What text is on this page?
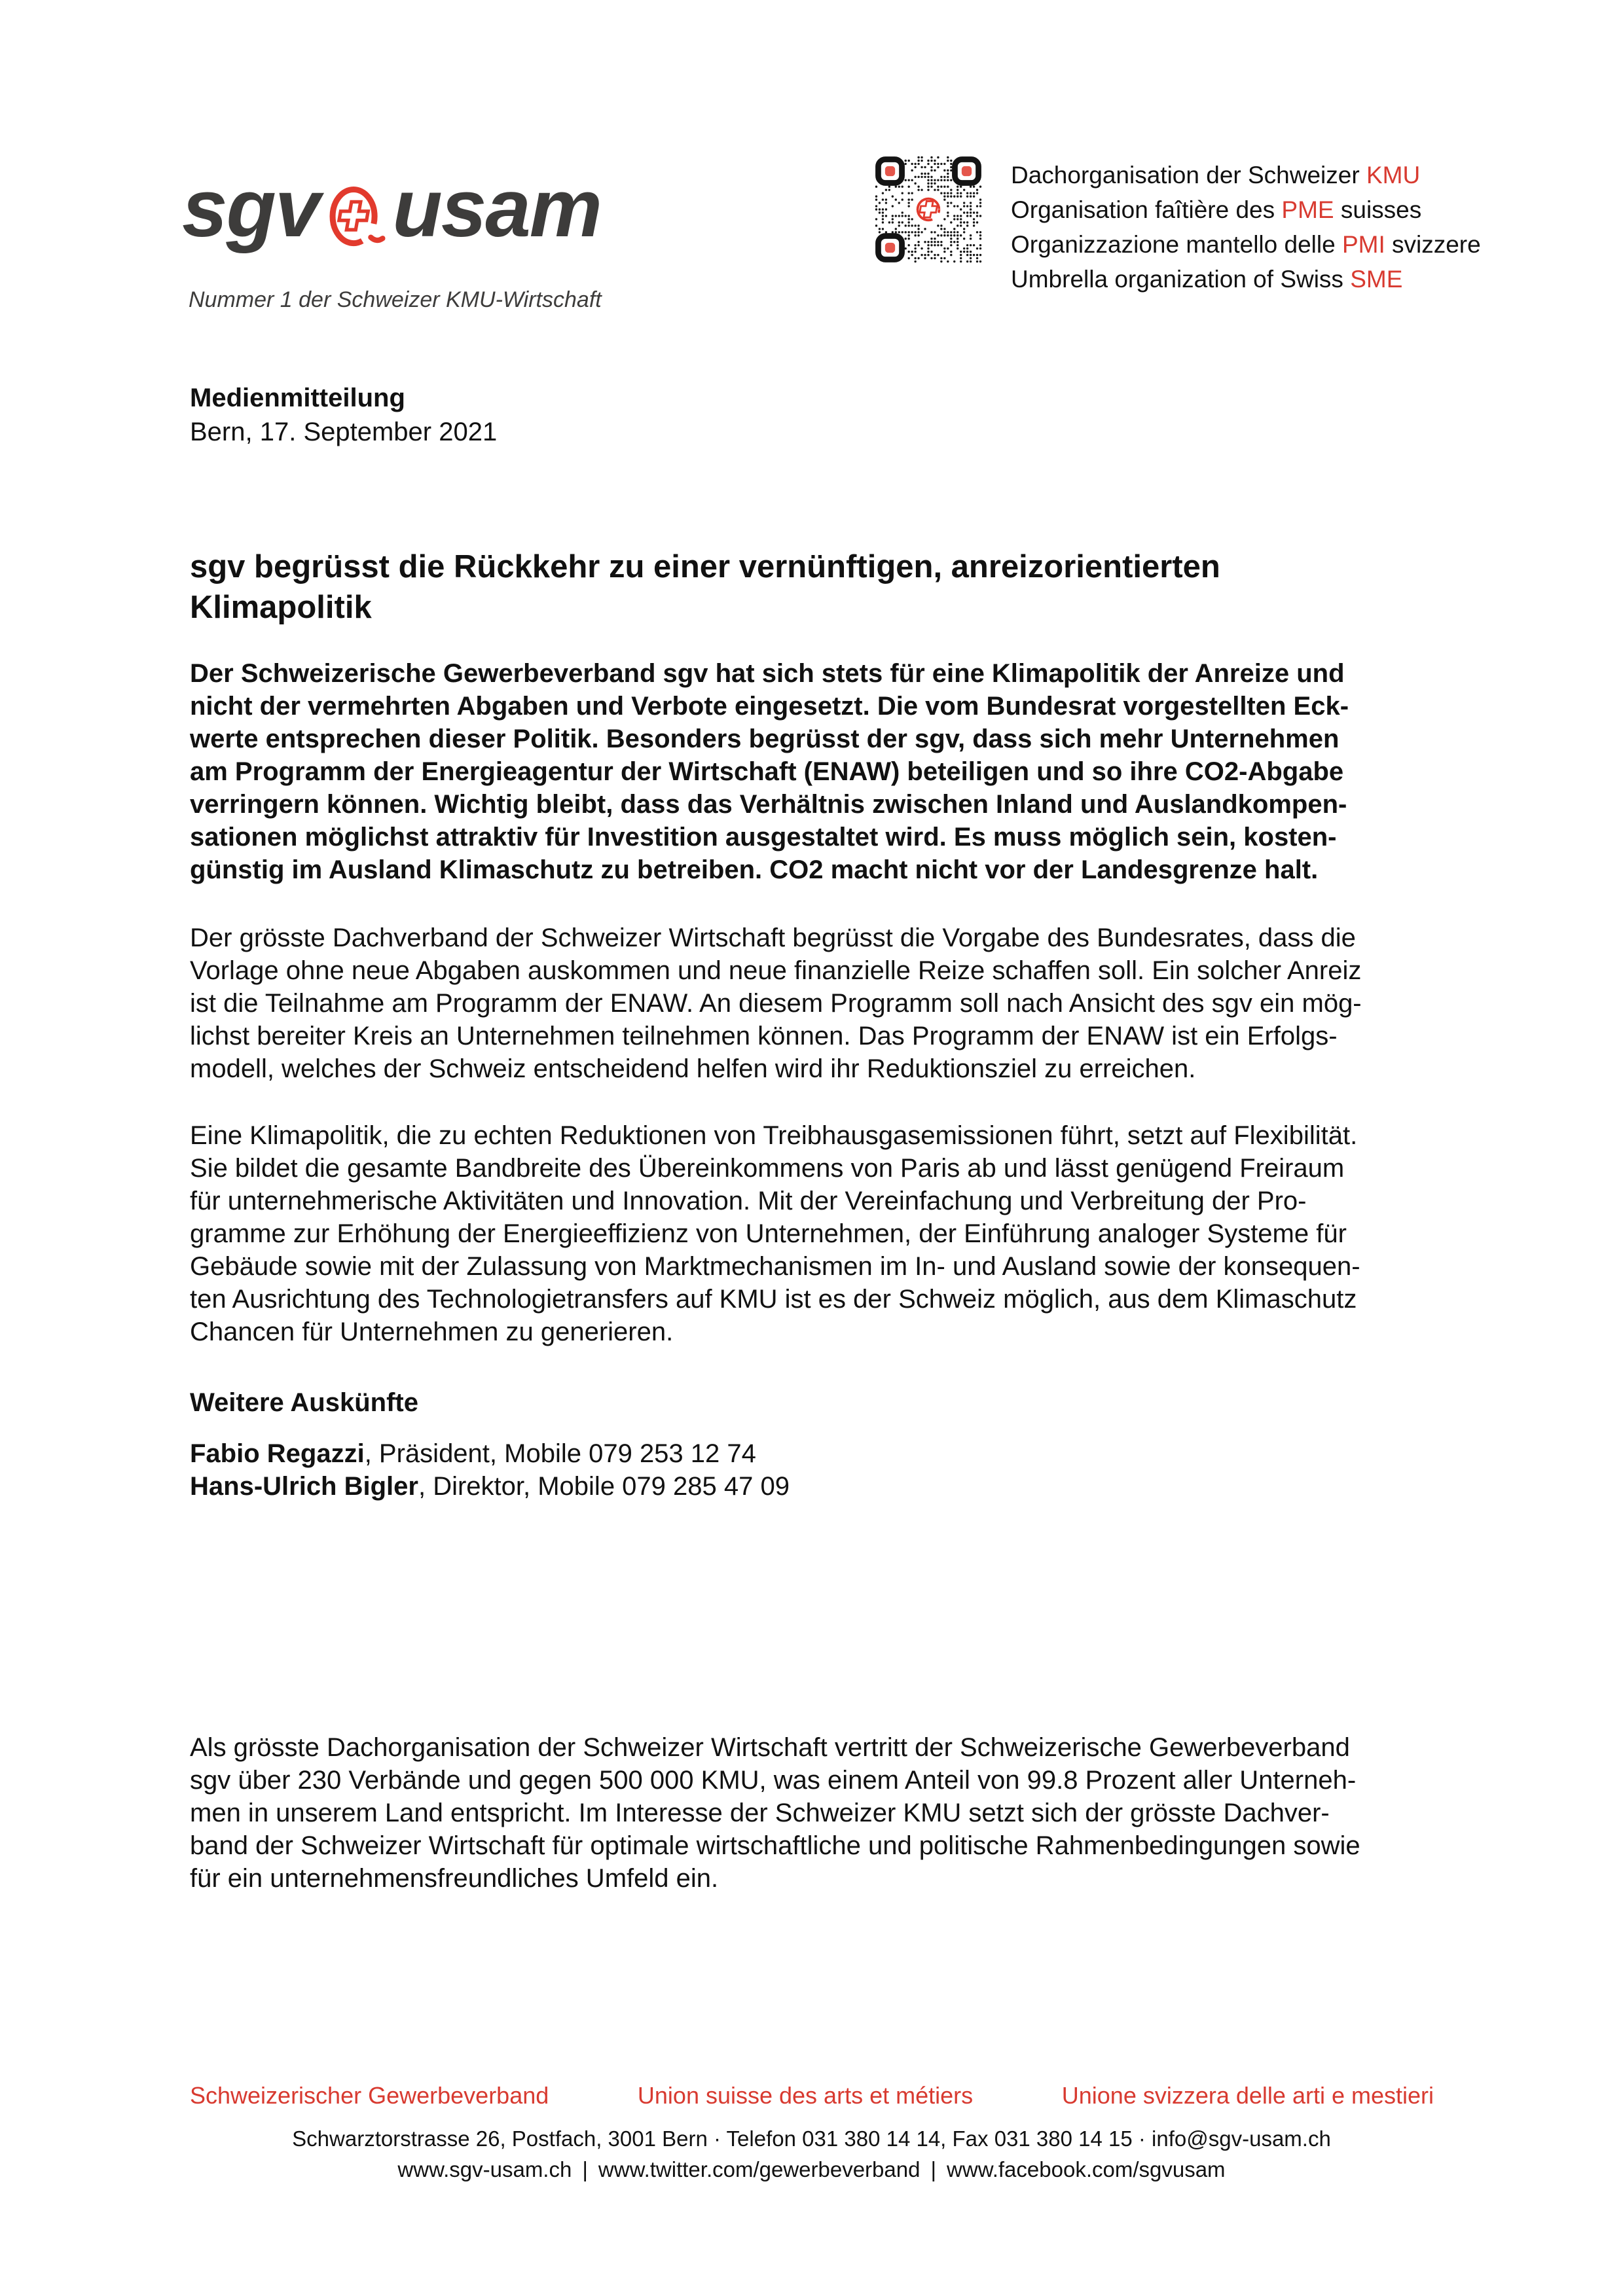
sgv usam
Nummer 1 der Schweizer KMU-Wirtschaft
Dachorganisation der Schweizer KMU
Organisation faîtière des PME suisses
Organizzazione mantello delle PMI svizzere
Umbrella organization of Swiss SME
Medienmitteilung
Bern, 17. September 2021
sgv begrüsst die Rückkehr zu einer vernünftigen, anreizorientierten
Klimapolitik
Der Schweizerische Gewerbeverband sgv hat sich stets für eine Klimapolitik der Anreize und
nicht der vermehrten Abgaben und Verbote eingesetzt. Die vom Bundesrat vorgestellten Eck-
werte entsprechen dieser Politik. Besonders begrüsst der sgv, dass sich mehr Unternehmen
am Programm der Energieagentur der Wirtschaft (ENAW) beteiligen und so ihre CO2-Abgabe
verringern können. Wichtig bleibt, dass das Verhältnis zwischen Inland und Auslandkompen-
sationen möglichst attraktiv für Investition ausgestaltet wird. Es muss möglich sein, kosten-
günstig im Ausland Klimaschutz zu betreiben. CO2 macht nicht vor der Landesgrenze halt.
Der grösste Dachverband der Schweizer Wirtschaft begrüsst die Vorgabe des Bundesrates, dass die
Vorlage ohne neue Abgaben auskommen und neue finanzielle Reize schaffen soll. Ein solcher Anreiz
ist die Teilnahme am Programm der ENAW. An diesem Programm soll nach Ansicht des sgv ein mög-
lichst bereiter Kreis an Unternehmen teilnehmen können. Das Programm der ENAW ist ein Erfolgs-
modell, welches der Schweiz entscheidend helfen wird ihr Reduktionsziel zu erreichen.
Eine Klimapolitik, die zu echten Reduktionen von Treibhausgasemissionen führt, setzt auf Flexibilität.
Sie bildet die gesamte Bandbreite des Übereinkommens von Paris ab und lässt genügend Freiraum
für unternehmerische Aktivitäten und Innovation. Mit der Vereinfachung und Verbreitung der Pro-
gramme zur Erhöhung der Energieeffizienz von Unternehmen, der Einführung analoger Systeme für
Gebäude sowie mit der Zulassung von Marktmechanismen im In- und Ausland sowie der konsequen-
ten Ausrichtung des Technologietransfers auf KMU ist es der Schweiz möglich, aus dem Klimaschutz
Chancen für Unternehmen zu generieren.
Weitere Auskünfte
Fabio Regazzi, Präsident, Mobile 079 253 12 74
Hans-Ulrich Bigler, Direktor, Mobile 079 285 47 09
Als grösste Dachorganisation der Schweizer Wirtschaft vertritt der Schweizerische Gewerbeverband
sgv über 230 Verbände und gegen 500 000 KMU, was einem Anteil von 99.8 Prozent aller Unterneh-
men in unserem Land entspricht. Im Interesse der Schweizer KMU setzt sich der grösste Dachver-
band der Schweizer Wirtschaft für optimale wirtschaftliche und politische Rahmenbedingungen sowie
für ein unternehmensfreundliches Umfeld ein.
Schweizerischer Gewerbeverband	Union suisse des arts et métiers	Unione svizzera delle arti e mestieri
Schwarztorstrasse 26, Postfach, 3001 Bern · Telefon 031 380 14 14, Fax 031 380 14 15 · info@sgv-usam.ch
www.sgv-usam.ch | www.twitter.com/gewerbeverband | www.facebook.com/sgvusam
